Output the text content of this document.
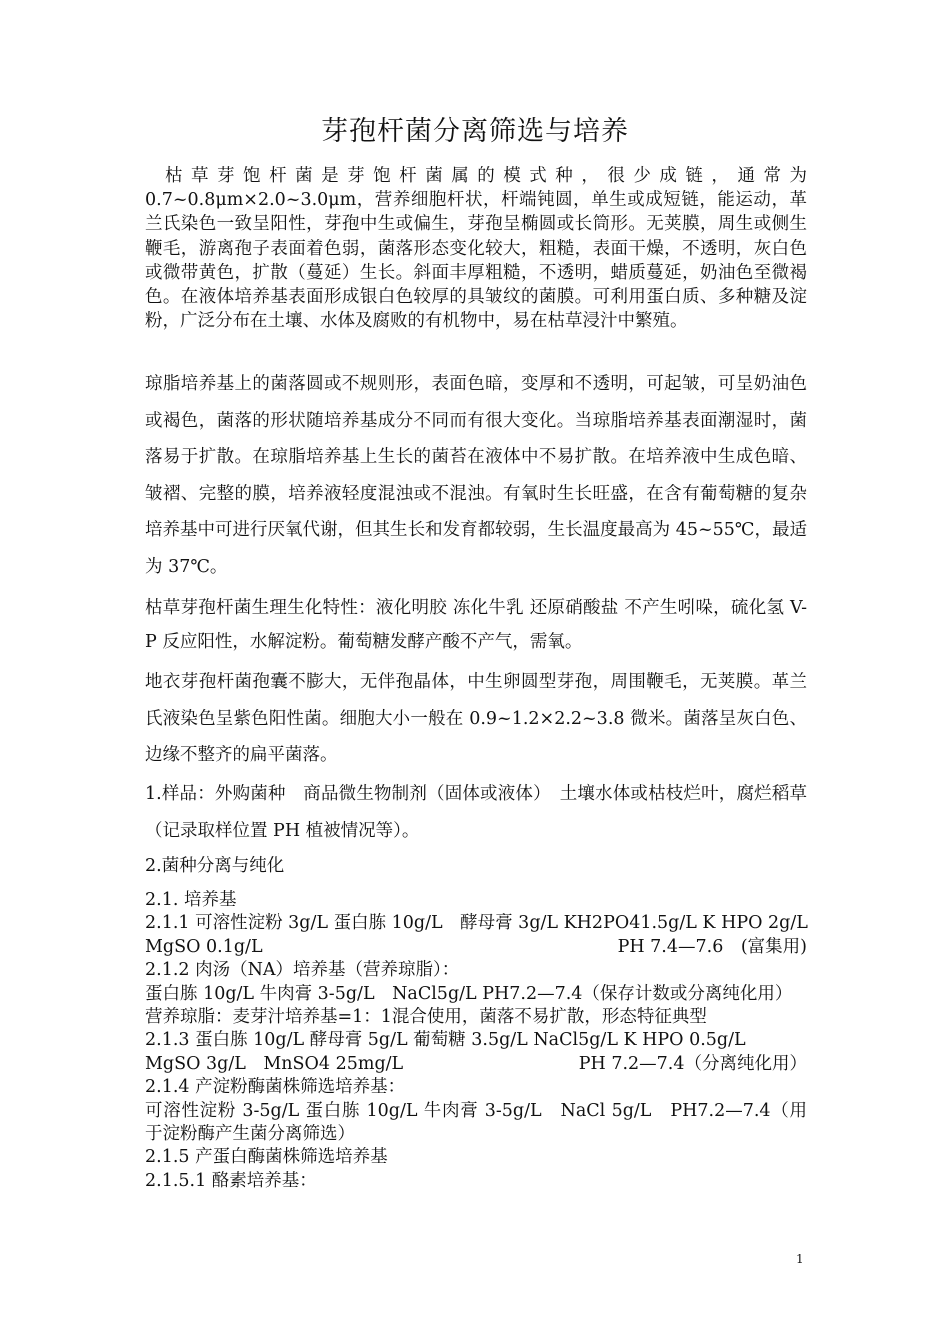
芽孢杆菌分离筛选与培养
枯草芽饱杆菌是芽饱杆菌属的模式种，很少成链，通常为 0.7~0.8μm×2.0~3.0μm，营养细胞杆状，杆端钝圆，单生或成短链，能运动，革兰氏染色一致呈阳性，芽孢中生或偏生，芽孢呈椭圆或长筒形。无荚膜，周生或侧生鞭毛，游离孢子表面着色弱，菌落形态变化较大，粗糙，表面干燥，不透明，灰白色或微带黄色，扩散（蔓延）生长。斜面丰厚粗糙，不透明，蜡质蔓延，奶油色至微褐色。在液体培养基表面形成银白色较厚的具皱纹的菌膜。可利用蛋白质、多种糖及淀粉，广泛分布在土壤、水体及腐败的有机物中，易在枯草浸汁中繁殖。
琼脂培养基上的菌落圆或不规则形，表面色暗，变厚和不透明，可起皱，可呈奶油色或褐色，菌落的形状随培养基成分不同而有很大变化。当琼脂培养基表面潮湿时，菌落易于扩散。在琼脂培养基上生长的菌苔在液体中不易扩散。在培养液中生成色暗、皱褶、完整的膜，培养液轻度混浊或不混浊。有氧时生长旺盛，在含有葡萄糖的复杂培养基中可进行厌氧代谢，但其生长和发育都较弱，生长温度最高为 45~55℃，最适为 37℃。
枯草芽孢杆菌生理生化特性：液化明胶 冻化牛乳 还原硝酸盐 不产生吲哚，硫化氢 V-P 反应阳性，水解淀粉。葡萄糖发酵产酸不产气，需氧。
地衣芽孢杆菌孢囊不膨大，无伴孢晶体，中生卵圆型芽孢，周围鞭毛，无荚膜。革兰氏液染色呈紫色阳性菌。细胞大小一般在 0.9~1.2×2.2~3.8 微米。菌落呈灰白色、边缘不整齐的扁平菌落。
1.样品：外购菌种　商品微生物制剂（固体或液体）　土壤水体或枯枝烂叶，腐烂稻草（记录取样位置 PH 植被情况等）。
2.菌种分离与纯化
2.1. 培养基
2.1.1 可溶性淀粉 3g/L 蛋白胨 10g/L　酵母膏 3g/L KH2PO41.5g/L K HPO 2g/L
MgSO 0.1g/L	PH 7.4—7.6　(富集用)
2.1.2 肉汤（NA）培养基（营养琼脂）：
蛋白胨 10g/L 牛肉膏 3-5g/L　NaCl5g/L PH7.2—7.4（保存计数或分离纯化用）
营养琼脂：麦芽汁培养基=1：1混合使用，菌落不易扩散，形态特征典型
2.1.3 蛋白胨 10g/L 酵母膏 5g/L 葡萄糖 3.5g/L NaCl5g/L K HPO 0.5g/L
MgSO 3g/L　MnSO4 25mg/L	PH 7.2—7.4（分离纯化用）
2.1.4 产淀粉酶菌株筛选培养基：
可溶性淀粉 3-5g/L 蛋白胨 10g/L 牛肉膏 3-5g/L　NaCl 5g/L　PH7.2—7.4（用于淀粉酶产生菌分离筛选）
2.1.5 产蛋白酶菌株筛选培养基
2.1.5.1 酪素培养基：
1
